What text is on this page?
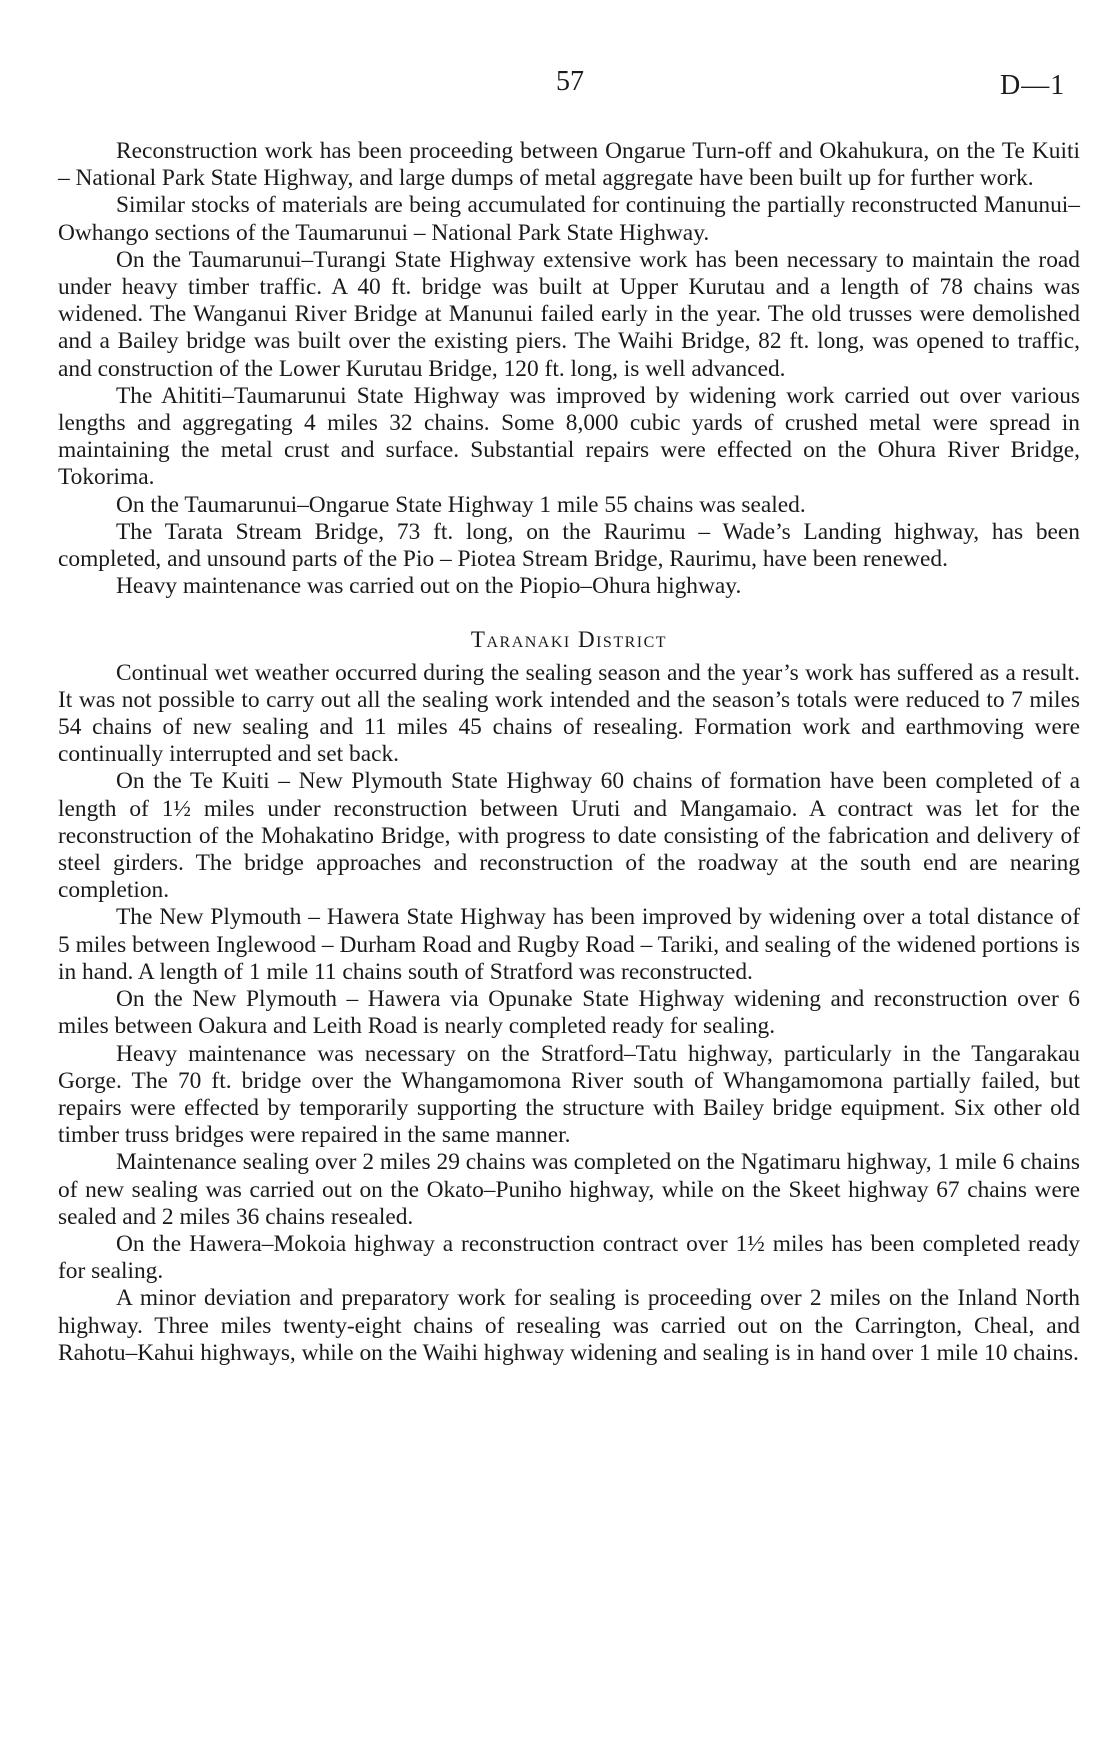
57	D—1

Reconstruction work has been proceeding between Ongarue Turn-off and Okahukura, on the Te Kuiti – National Park State Highway, and large dumps of metal aggregate have been built up for further work.

Similar stocks of materials are being accumulated for continuing the partially reconstructed Manunui–Owhango sections of the Taumarunui – National Park State Highway.

On the Taumarunui–Turangi State Highway extensive work has been necessary to maintain the road under heavy timber traffic. A 40 ft. bridge was built at Upper Kurutau and a length of 78 chains was widened. The Wanganui River Bridge at Manunui failed early in the year. The old trusses were demolished and a Bailey bridge was built over the existing piers. The Waihi Bridge, 82 ft. long, was opened to traffic, and construction of the Lower Kurutau Bridge, 120 ft. long, is well advanced.

The Ahititi–Taumarunui State Highway was improved by widening work carried out over various lengths and aggregating 4 miles 32 chains. Some 8,000 cubic yards of crushed metal were spread in maintaining the metal crust and surface. Substantial repairs were effected on the Ohura River Bridge, Tokorima.

On the Taumarunui–Ongarue State Highway 1 mile 55 chains was sealed.

The Tarata Stream Bridge, 73 ft. long, on the Raurimu – Wade’s Landing highway, has been completed, and unsound parts of the Pio – Piotea Stream Bridge, Raurimu, have been renewed.

Heavy maintenance was carried out on the Piopio–Ohura highway.

Taranaki District

Continual wet weather occurred during the sealing season and the year’s work has suffered as a result. It was not possible to carry out all the sealing work intended and the season’s totals were reduced to 7 miles 54 chains of new sealing and 11 miles 45 chains of resealing. Formation work and earthmoving were continually interrupted and set back.

On the Te Kuiti – New Plymouth State Highway 60 chains of formation have been completed of a length of 1½ miles under reconstruction between Uruti and Mangamaio. A contract was let for the reconstruction of the Mohakatino Bridge, with progress to date consisting of the fabrication and delivery of steel girders. The bridge approaches and reconstruction of the roadway at the south end are nearing completion.

The New Plymouth – Hawera State Highway has been improved by widening over a total distance of 5 miles between Inglewood – Durham Road and Rugby Road – Tariki, and sealing of the widened portions is in hand. A length of 1 mile 11 chains south of Stratford was reconstructed.

On the New Plymouth – Hawera via Opunake State Highway widening and reconstruction over 6 miles between Oakura and Leith Road is nearly completed ready for sealing.

Heavy maintenance was necessary on the Stratford–Tatu highway, particularly in the Tangarakau Gorge. The 70 ft. bridge over the Whangamomona River south of Whangamomona partially failed, but repairs were effected by temporarily supporting the structure with Bailey bridge equipment. Six other old timber truss bridges were repaired in the same manner.

Maintenance sealing over 2 miles 29 chains was completed on the Ngatimaru highway, 1 mile 6 chains of new sealing was carried out on the Okato–Puniho highway, while on the Skeet highway 67 chains were sealed and 2 miles 36 chains resealed.

On the Hawera–Mokoia highway a reconstruction contract over 1½ miles has been completed ready for sealing.

A minor deviation and preparatory work for sealing is proceeding over 2 miles on the Inland North highway. Three miles twenty-eight chains of resealing was carried out on the Carrington, Cheal, and Rahotu–Kahui highways, while on the Waihi highway widening and sealing is in hand over 1 mile 10 chains.
